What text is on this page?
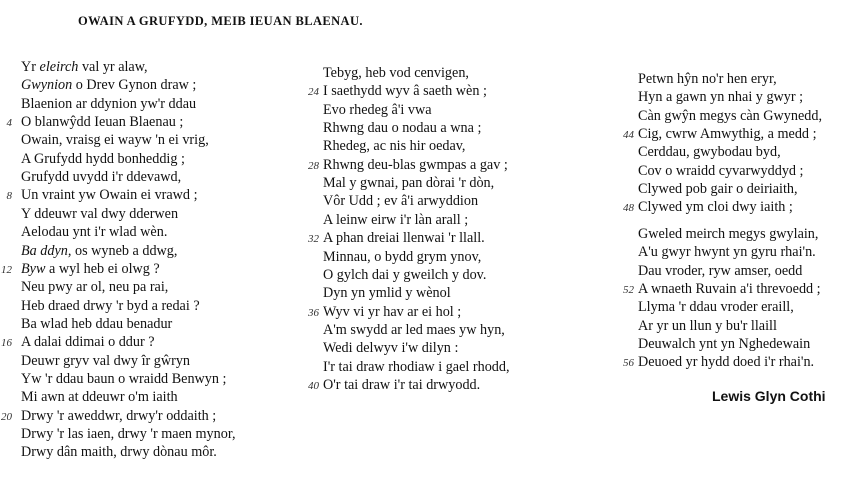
OWAIN A GRUFYDD, MEIB IEUAN BLAENAU.
Yr eleirch val yr alaw,
Gwynion o Drev Gynon draw ;
Blaenion ar ddynion yw'r ddau
O blanwŷdd Ieuan Blaenau ;
4
Owain, vraisg ei wayw 'n ei vrig,
A Grufydd hydd bonheddig ;
Grufydd uvydd i'r ddevawd,
Un vraint yw Owain ei vrawd ;
8
Y ddeuwr val dwy dderwen
Aelodau ynt i'r wlad wèn.
Ba ddyn, os wyneb a ddwg,
Byw a wyl heb ei olwg ?
12
Neu pwy ar ol, neu pa rai,
Heb draed drwy 'r byd a redai ?
Ba wlad heb ddau benadur
A dalai ddimai o ddur ?
16
Deuwr gryv val dwy îr gŵryn
Yw 'r ddau baun o wraidd Benwyn ;
Mi awn at ddeuwr o'm iaith
Drwy 'r aweddwr, drwy'r oddaith ;
20
Drwy 'r las iaen, drwy 'r maen mynor,
Drwy dân maith, drwy dònau môr.
Tebyg, heb vod cenvigen,
I saethydd wyv â saeth wèn ;
24
Evo rhedeg â'i vwa
Rhwng dau o nodau a wna ;
Rhedeg, ac nis hir oedav,
Rhwng deu-blas gwmpas a gav ;
28
Mal y gwnai, pan dòrai 'r dòn,
Vôr Udd ; ev â'i arwyddion
A leinw eirw i'r làn arall ;
A phan dreiai llenwai 'r llall.
32
Minnau, o bydd grym ynov,
O gylch dai y gweilch y dov.
Dyn yn ymlid y wènol
Wyv vi yr hav ar ei hol ;
36
A'm swydd ar led maes yw hyn,
Wedi delwyv i'w dilyn :
I'r tai draw rhodiaw i gael rhodd,
O'r tai draw i'r tai drwyodd.
40
Petwn hŷn no'r hen eryr,
Hyn a gawn yn nhai y gwyr ;
Càn gwŷn megys càn Gwynedd,
Cig, cwrw Amwythig, a medd ;
44
Cerddau, gwybodau byd,
Cov o wraidd cyvarwyddyd ;
Clywed pob gair o deiriaith,
Clywed ym cloi dwy iaith ;
48
Gweled meirch megys gwylain,
A'u gwyr hwynt yn gyru rhai'n.
Dau vroder, ryw amser, oedd
A wnaeth Ruvain a'i threvoedd ;
52
Llyma 'r ddau vroder eraill,
Ar yr un llun y bu'r llaill
Deuwalch ynt yn Nghedewain
Deuoed yr hydd doed i'r rhai'n.
56
Lewis Glyn Cothi
